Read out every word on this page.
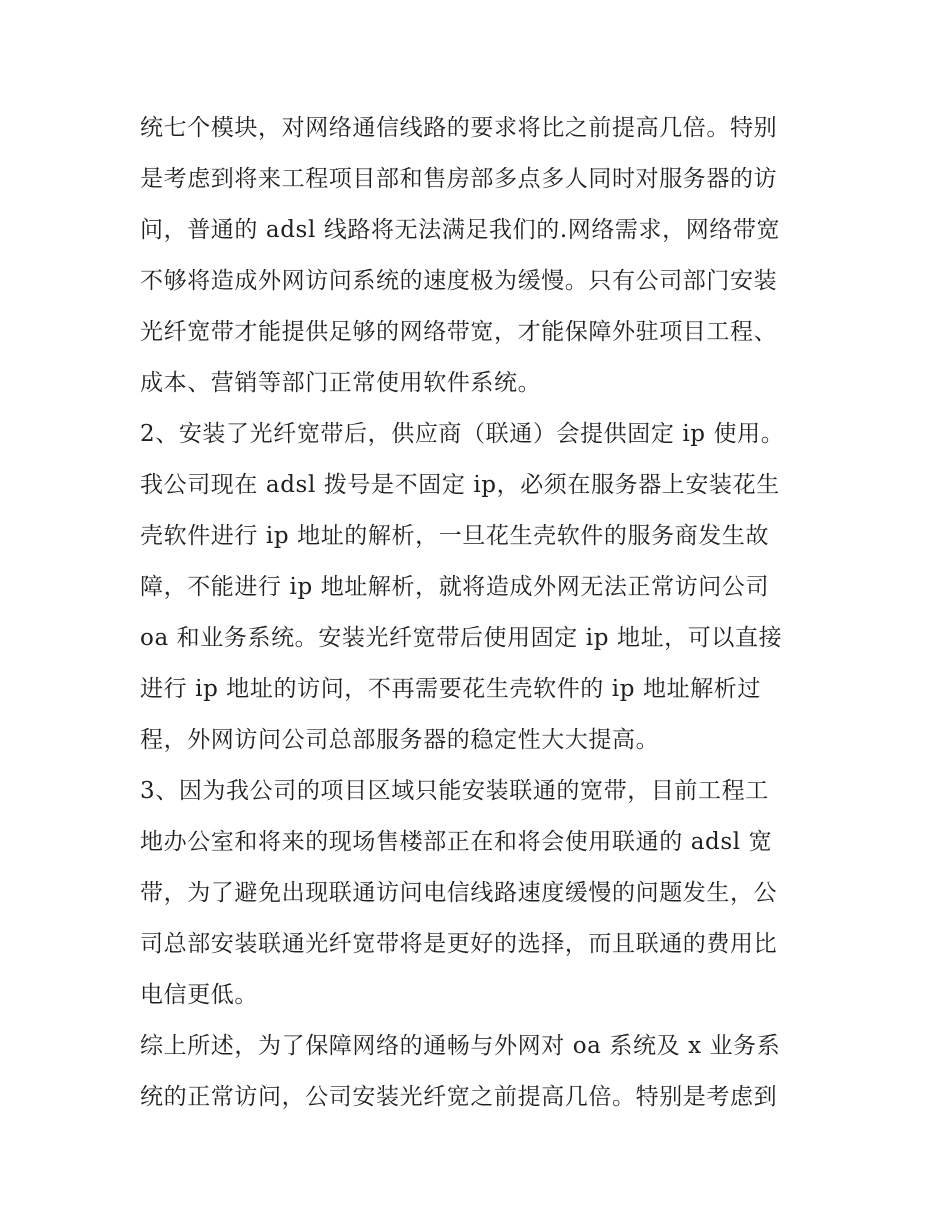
统七个模块，对网络通信线路的要求将比之前提高几倍。特别
是考虑到将来工程项目部和售房部多点多人同时对服务器的访
问，普通的 adsl 线路将无法满足我们的.网络需求，网络带宽
不够将造成外网访问系统的速度极为缓慢。只有公司部门安装
光纤宽带才能提供足够的网络带宽，才能保障外驻项目工程、
成本、营销等部门正常使用软件系统。
2、安装了光纤宽带后，供应商（联通）会提供固定 ip 使用。
我公司现在 adsl 拨号是不固定 ip，必须在服务器上安装花生
壳软件进行 ip 地址的解析，一旦花生壳软件的服务商发生故
障，不能进行 ip 地址解析，就将造成外网无法正常访问公司
oa 和业务系统。安装光纤宽带后使用固定 ip 地址，可以直接
进行 ip 地址的访问，不再需要花生壳软件的 ip 地址解析过
程，外网访问公司总部服务器的稳定性大大提高。
3、因为我公司的项目区域只能安装联通的宽带，目前工程工
地办公室和将来的现场售楼部正在和将会使用联通的 adsl 宽
带，为了避免出现联通访问电信线路速度缓慢的问题发生，公
司总部安装联通光纤宽带将是更好的选择，而且联通的费用比
电信更低。
综上所述，为了保障网络的通畅与外网对 oa 系统及 x 业务系
统的正常访问，公司安装光纤宽之前提高几倍。特别是考虑到
